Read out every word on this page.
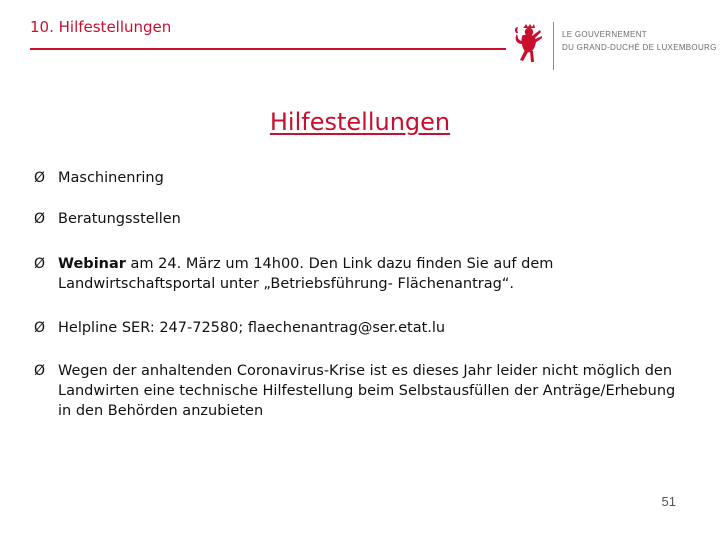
10. Hilfestellungen	LE GOUVERNEMENT
DU GRAND-DUCHÉ DE LUXEMBOURG
Hilfestellungen
Ø Maschinenring
Ø Beratungsstellen
Ø Webinar am 24. März um 14h00. Den Link dazu finden Sie auf dem Landwirtschaftsportal unter „Betriebsführung- Flächenantrag“.
Ø Helpline SER: 247-72580; flaechenantrag@ser.etat.lu
Ø Wegen der anhaltenden Coronavirus-Krise ist es dieses Jahr leider nicht möglich den Landwirten eine technische Hilfestellung beim Selbstausfüllen der Anträge/Erhebung in den Behörden anzubieten
51
